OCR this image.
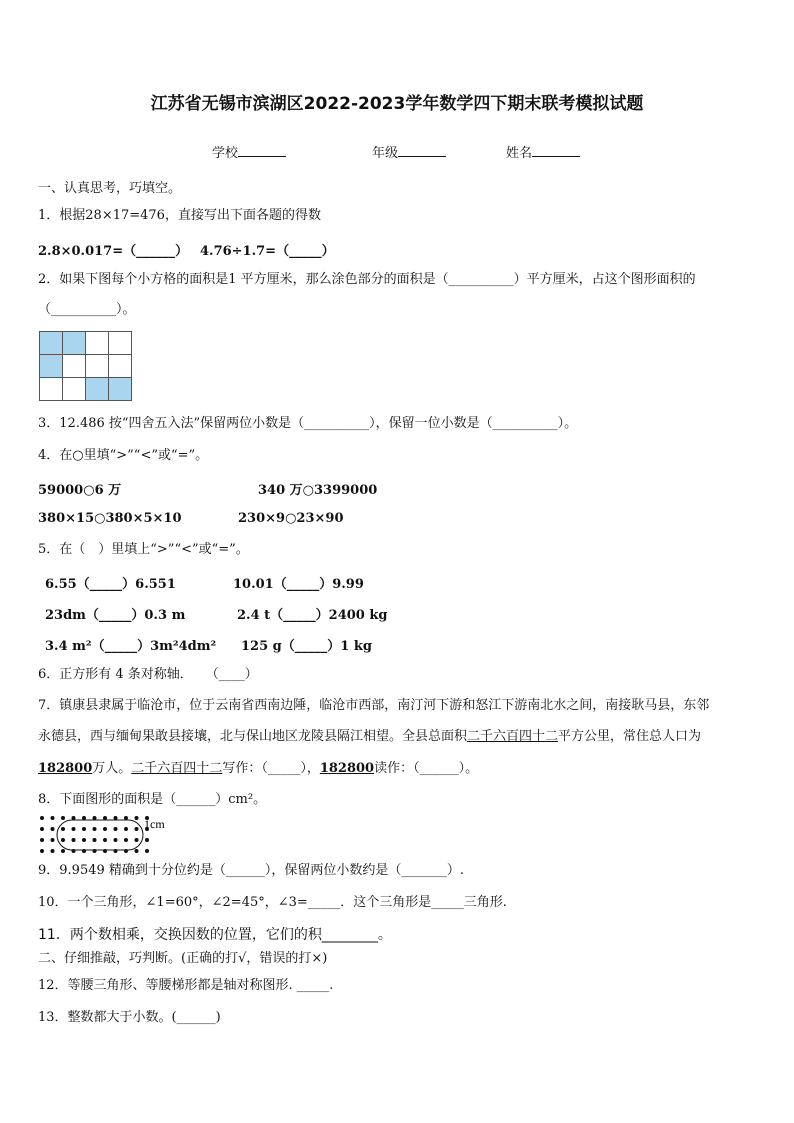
江苏省无锡市滨湖区2022-2023学年数学四下期末联考模拟试题
学校	年级	姓名
一、认真思考，巧填空。
1．根据28×17=476，直接写出下面各题的得数
2.8×0.017=（______） 4.76÷1.7=（_____）
2．如果下图每个小方格的面积是1 平方厘米，那么涂色部分的面积是（__________）平方厘米，占这个图形面积的
（__________）。

3．12.486 按“四舍五入法”保留两位小数是（__________），保留一位小数是（__________）。
4．在○里填“>”“<”或“=”。
59000○6 万	340 万○3399000
380×15○380×5×10	230×9○23×90
5．在（　）里填上“>”“<”或“=”。
6.55（_____）6.551	10.01（_____）9.99
23dm（_____）0.3 m	2.4 t（_____）2400 kg
3.4 m²（_____）3m²4dm² 125 g（_____）1 kg
6．正方形有 4 条对称轴．　　（____）
7．镇康县隶属于临沧市，位于云南省西南边陲，临沧市西部，南汀河下游和怒江下游南北水之间，南接耿马县，东邻
永德县，西与缅甸果敢县接壤，北与保山地区龙陵县隔江相望。全县总面积二千六百四十二平方公里，常住总人口为
182800万人。二千六百四十二写作：（_____），182800读作：（______）。
8．下面图形的面积是（______）cm²。
1cm
9．9.9549 精确到十分位约是（______），保留两位小数约是（_______）.
10．一个三角形，∠1=60°，∠2=45°，∠3=_____．这个三角形是_____三角形.
11．两个数相乘，交换因数的位置，它们的积________。
二、仔细推敲，巧判断。(正确的打√，错误的打×)
12．等腰三角形、等腰梯形都是轴对称图形. _____.
13．整数都大于小数。(______)
